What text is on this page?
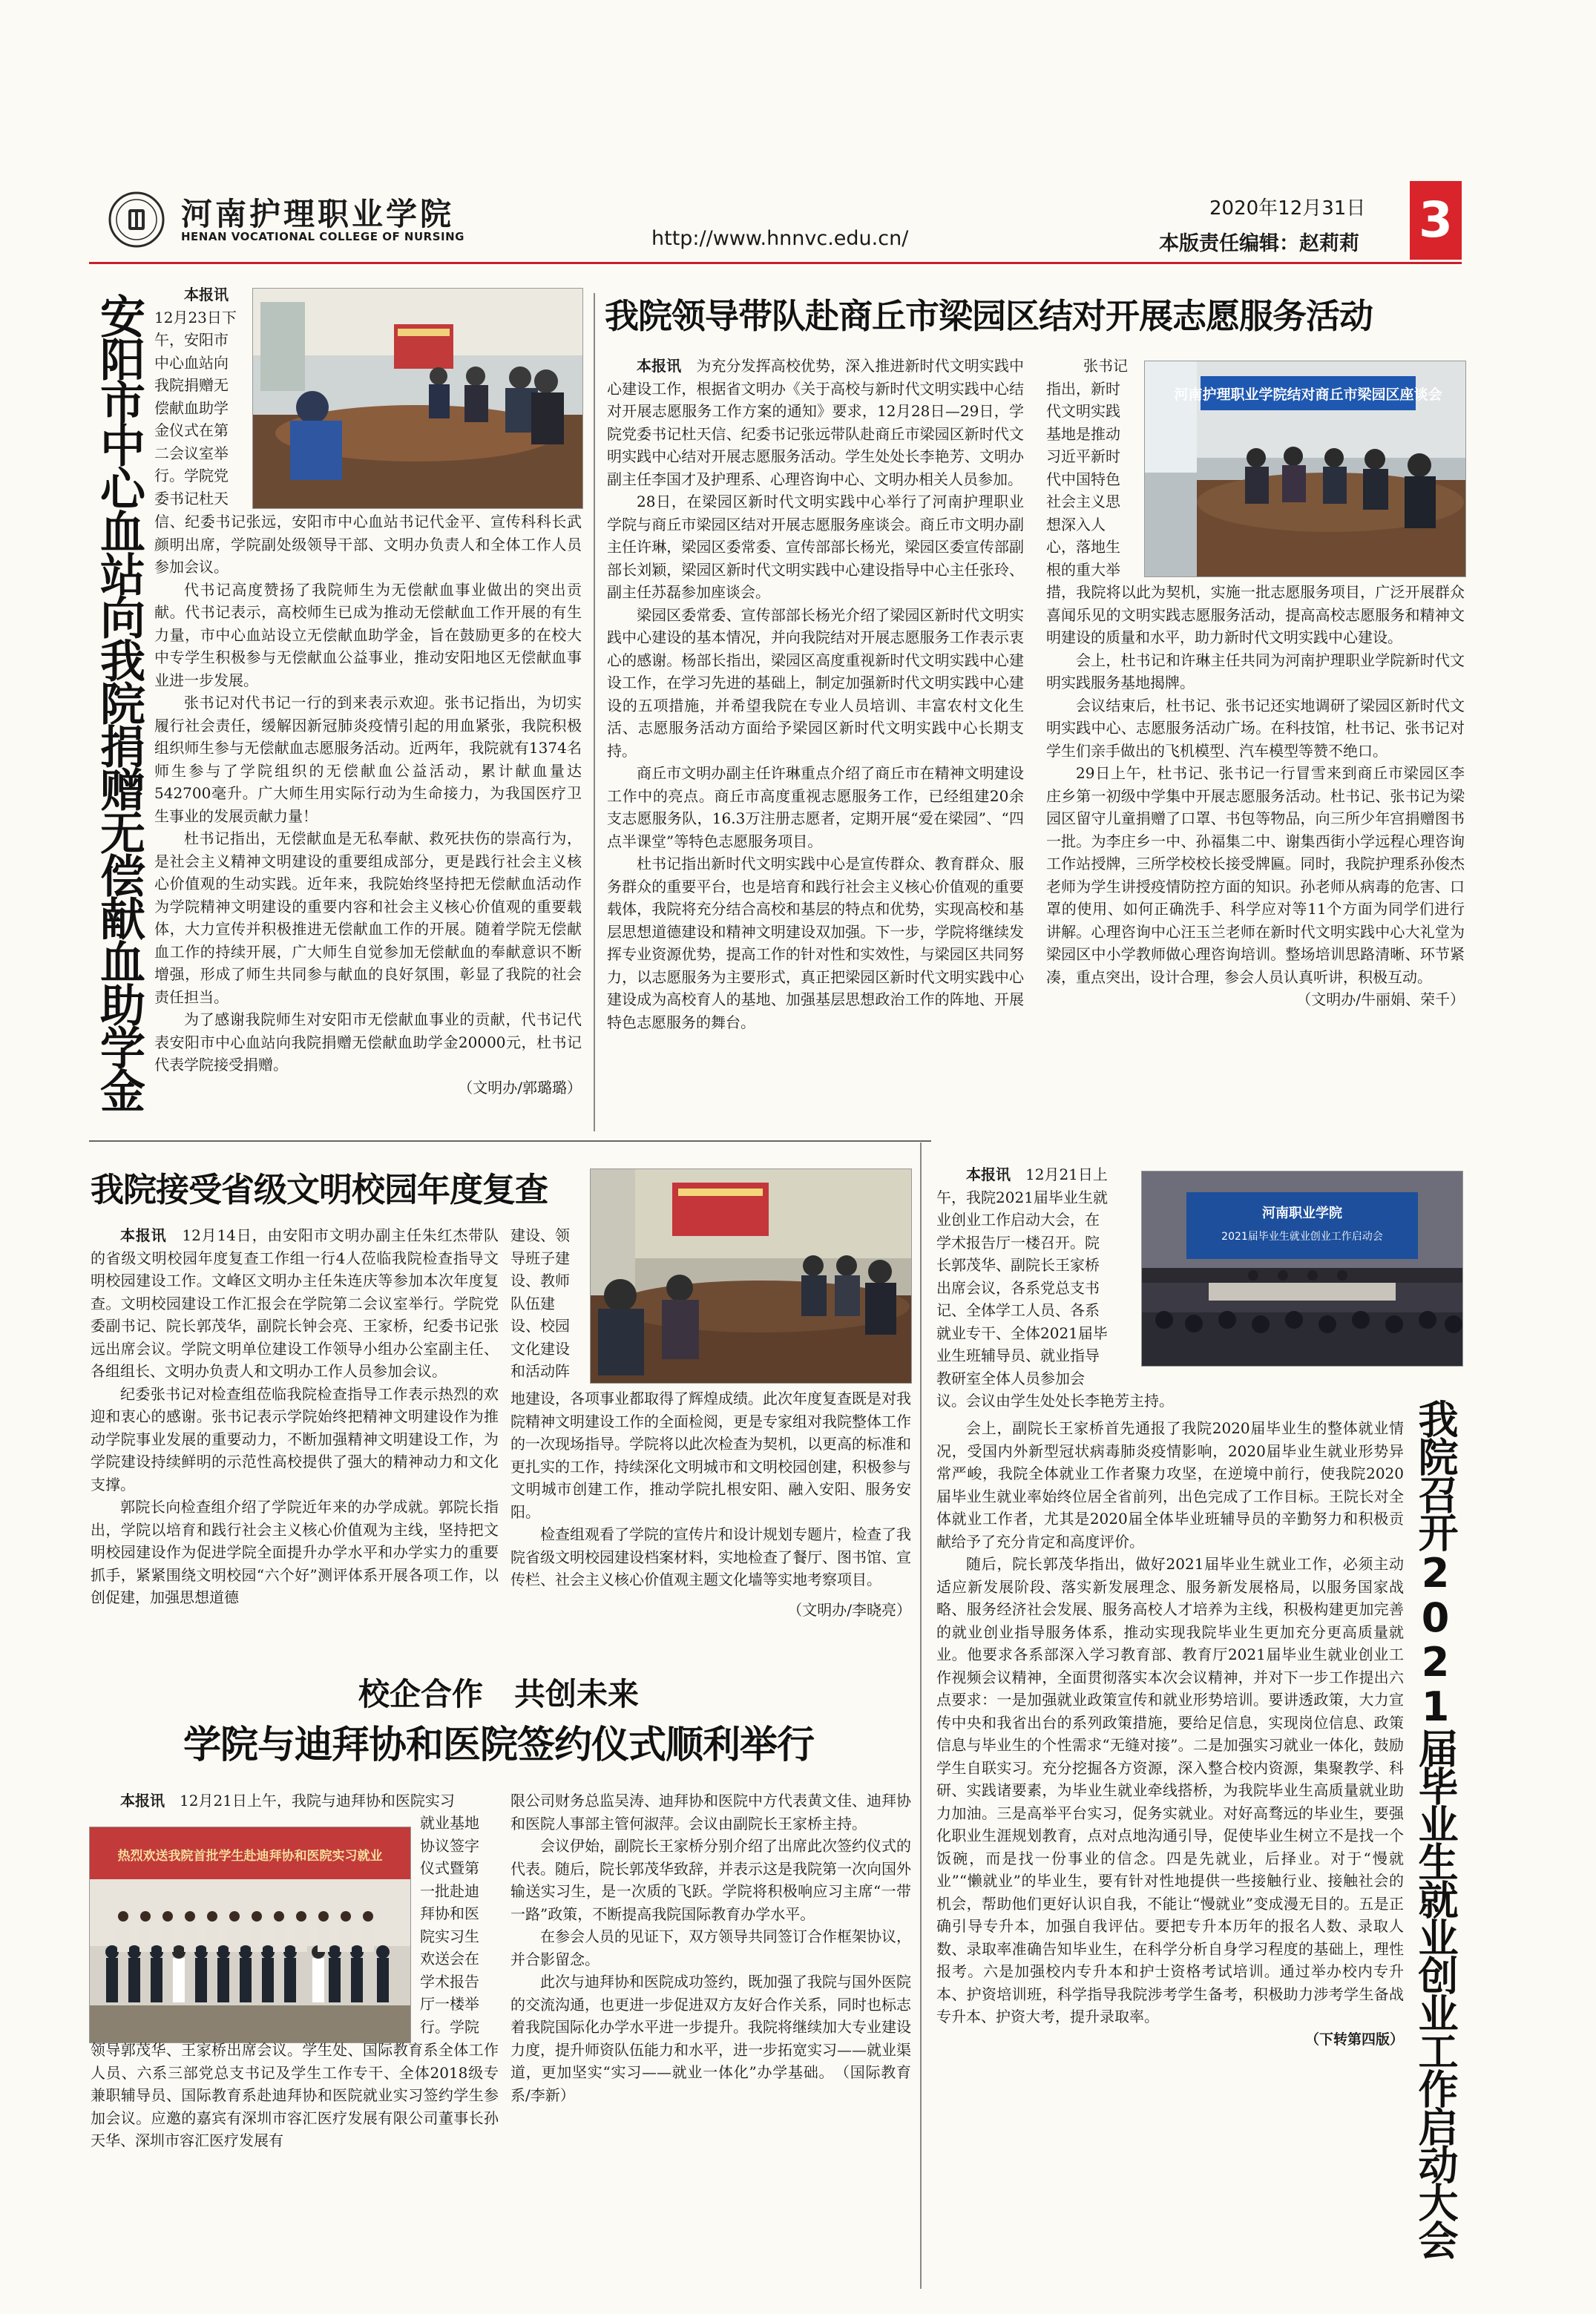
河南护理职业学院
HENAN VOCATIONAL COLLEGE OF NURSING	http://www.hnnvc.edu.cn/
2020年12月31日
本版责任编辑：赵莉莉 3
安阳市中心血站向我院捐赠无偿献血助学金	本报讯
12月23日下
午，安阳市
中心血站向
我院捐赠无
偿献血助学
金仪式在第
二会议室举
行。学院党
委书记杜天

信、纪委书记张远，安阳市中心血站书记代金平、宣传科科长武颜明出席，学院副处级领导干部、文明办负责人和全体工作人员参加会议。

代书记高度赞扬了我院师生为无偿献血事业做出的突出贡献。代书记表示，高校师生已成为推动无偿献血工作开展的有生力量，市中心血站设立无偿献血助学金，旨在鼓励更多的在校大中专学生积极参与无偿献血公益事业，推动安阳地区无偿献血事业进一步发展。

张书记对代书记一行的到来表示欢迎。张书记指出，为切实履行社会责任，缓解因新冠肺炎疫情引起的用血紧张，我院积极组织师生参与无偿献血志愿服务活动。近两年，我院就有1374名师生参与了学院组织的无偿献血公益活动，累计献血量达542700毫升。广大师生用实际行动为生命接力，为我国医疗卫生事业的发展贡献力量！

杜书记指出，无偿献血是无私奉献、救死扶伤的崇高行为，是社会主义精神文明建设的重要组成部分，更是践行社会主义核心价值观的生动实践。近年来，我院始终坚持把无偿献血活动作为学院精神文明建设的重要内容和社会主义核心价值观的重要载体，大力宣传并积极推进无偿献血工作的开展。随着学院无偿献血工作的持续开展，广大师生自觉参加无偿献血的奉献意识不断增强，形成了师生共同参与献血的良好氛围，彰显了我院的社会责任担当。

为了感谢我院师生对安阳市无偿献血事业的贡献，代书记代表安阳市中心血站向我院捐赠无偿献血助学金20000元，杜书记代表学院接受捐赠。

（文明办/郭璐璐）

我院领导带队赴商丘市梁园区结对开展志愿服务活动

本报讯　 为充分发挥高校优势，深入推进新时代文明实践中心建设工作，根据省文明办《关于高校与新时代文明实践中心结对开展志愿服务工作方案的通知》要求，12月28日—29日，学院党委书记杜天信、纪委书记张远带队赴商丘市梁园区新时代文明实践中心结对开展志愿服务活动。学生处处长李艳芳、文明办副主任李国才及护理系、心理咨询中心、文明办相关人员参加。

28日，在梁园区新时代文明实践中心举行了河南护理职业学院与商丘市梁园区结对开展志愿服务座谈会。商丘市文明办副主任许琳，梁园区委常委、宣传部部长杨光，梁园区委宣传部副部长刘颖，梁园区新时代文明实践中心建设指导中心主任张玲、副主任苏磊参加座谈会。

梁园区委常委、宣传部部长杨光介绍了梁园区新时代文明实践中心建设的基本情况，并向我院结对开展志愿服务工作表示衷心的感谢。杨部长指出，梁园区高度重视新时代文明实践中心建设工作，在学习先进的基础上，制定加强新时代文明实践中心建设的五项措施，并希望我院在专业人员培训、丰富农村文化生活、志愿服务活动方面给予梁园区新时代文明实践中心长期支持。

商丘市文明办副主任许琳重点介绍了商丘市在精神文明建设工作中的亮点。商丘市高度重视志愿服务工作，已经组建20余支志愿服务队，16.3万注册志愿者，定期开展“爱在梁园”、“四点半课堂”等特色志愿服务项目。

杜书记指出新时代文明实践中心是宣传群众、教育群众、服务群众的重要平台，也是培育和践行社会主义核心价值观的重要载体，我院将充分结合高校和基层的特点和优势，实现高校和基层思想道德建设和精神文明建设双加强。下一步，学院将继续发挥专业资源优势，提高工作的针对性和实效性，与梁园区共同努力，以志愿服务为主要形式，真正把梁园区新时代文明实践中心建设成为高校育人的基地、加强基层思想政治工作的阵地、开展特色志愿服务的舞台。

张书记
指出，新时
代文明实践
基地是推动
习近平新时
代中国特色
社会主义思
想深入人
心，落地生
根的重大举
河南护理职业学院结对商丘市梁园区座谈会

措，我院将以此为契机，实施一批志愿服务项目，广泛开展群众喜闻乐见的文明实践志愿服务活动，提高高校志愿服务和精神文明建设的质量和水平，助力新时代文明实践中心建设。

会上，杜书记和许琳主任共同为河南护理职业学院新时代文明实践服务基地揭牌。

会议结束后，杜书记、张书记还实地调研了梁园区新时代文明实践中心、志愿服务活动广场。在科技馆，杜书记、张书记对学生们亲手做出的飞机模型、汽车模型等赞不绝口。

29日上午，杜书记、张书记一行冒雪来到商丘市梁园区李庄乡第一初级中学集中开展志愿服务活动。杜书记、张书记为梁园区留守儿童捐赠了口罩、书包等物品，向三所少年宫捐赠图书一批。为李庄乡一中、孙福集二中、谢集西街小学远程心理咨询工作站授牌，三所学校校长接受牌匾。同时，我院护理系孙俊杰老师为学生讲授疫情防控方面的知识。孙老师从病毒的危害、口罩的使用、如何正确洗手、科学应对等11个方面为同学们进行讲解。心理咨询中心汪玉兰老师在新时代文明实践中心大礼堂为梁园区中小学教师做心理咨询培训。整场培训思路清晰、环节紧凑，重点突出，设计合理，参会人员认真听讲，积极互动。

（文明办/牛丽娟、荣千）

我院接受省级文明校园年度复查

本报讯　 12月14日，由安阳市文明办副主任朱红杰带队的省级文明校园年度复查工作组一行4人莅临我院检查指导文明校园建设工作。文峰区文明办主任朱连庆等参加本次年度复查。文明校园建设工作汇报会在学院第二会议室举行。学院党委副书记、院长郭茂华，副院长钟会亮、王家桥，纪委书记张远出席会议。学院文明单位建设工作领导小组办公室副主任、各组组长、文明办负责人和文明办工作人员参加会议。

纪委张书记对检查组莅临我院检查指导工作表示热烈的欢迎和衷心的感谢。张书记表示学院始终把精神文明建设作为推动学院事业发展的重要动力，不断加强精神文明建设工作，为学院建设持续鲜明的示范性高校提供了强大的精神动力和文化支撑。

郭院长向检查组介绍了学院近年来的办学成就。郭院长指出，学院以培育和践行社会主义核心价值观为主线，坚持把文明校园建设作为促进学院全面提升办学水平和办学实力的重要抓手，紧紧围绕文明校园“六个好”测评体系开展各项工作，以创促建，加强思想道德

建设、领
导班子建
设、教师
队伍建
设、校园
文化建设
和活动阵

地建设，各项事业都取得了辉煌成绩。此次年度复查既是对我院精神文明建设工作的全面检阅，更是专家组对我院整体工作的一次现场指导。学院将以此次检查为契机，以更高的标准和更扎实的工作，持续深化文明城市和文明校园创建，积极参与文明城市创建工作，推动学院扎根安阳、融入安阳、服务安阳。

检查组观看了学院的宣传片和设计规划专题片，检查了我院省级文明校园建设档案材料，实地检查了餐厅、图书馆、宣传栏、社会主义核心价值观主题文化墙等实地考察项目。

（文明办/李晓亮）

校企合作　共创未来
学院与迪拜协和医院签约仪式顺利举行

本报讯　 12月21日上午，我院与迪拜协和医院实习

热烈欢送我院首批学生赴迪拜协和医院实习就业
就业基地
协议签字
仪式暨第
一批赴迪
拜协和医
院实习生
欢送会在
学术报告
厅一楼举
行。学院

领导郭茂华、王家桥出席会议。学生处、国际教育系全体工作人员、六系三部党总支书记及学生工作专干、全体2018级专兼职辅导员、国际教育系赴迪拜协和医院就业实习签约学生参加会议。应邀的嘉宾有深圳市容汇医疗发展有限公司董事长孙天华、深圳市容汇医疗发展有

限公司财务总监吴涛、迪拜协和医院中方代表黄文佳、迪拜协和医院人事部主管何淑萍。会议由副院长王家桥主持。

会议伊始，副院长王家桥分别介绍了出席此次签约仪式的代表。随后，院长郭茂华致辞，并表示这是我院第一次向国外输送实习生，是一次质的飞跃。学院将积极响应习主席“一带一路”政策，不断提高我院国际教育办学水平。

在参会人员的见证下，双方领导共同签订合作框架协议，并合影留念。

此次与迪拜协和医院成功签约，既加强了我院与国外医院的交流沟通，也更进一步促进双方友好合作关系，同时也标志着我院国际化办学水平进一步提升。我院将继续加大专业建设力度，提升师资队伍能力和水平，进一步拓宽实习——就业渠道，更加坚实“实习——就业一体化”办学基础。　 （国际教育系/李新）

本报讯　 12月21日上
午，我院2021届毕业生就
业创业工作启动大会，在
学术报告厅一楼召开。院
长郭茂华、副院长王家桥
出席会议，各系党总支书
记、全体学工人员、各系
就业专干、全体2021届毕
业生班辅导员、就业指导
教研室全体人员参加会
议。会议由学生处处长李艳芳主持。
河南职业学院
2021届毕业生就业创业工作启动会

会上，副院长王家桥首先通报了我院2020届毕业生的整体就业情况，受国内外新型冠状病毒肺炎疫情影响，2020届毕业生就业形势异常严峻，我院全体就业工作者聚力攻坚，在逆境中前行，使我院2020届毕业生就业率始终位居全省前列，出色完成了工作目标。王院长对全体就业工作者，尤其是2020届全体毕业班辅导员的辛勤努力和积极贡献给予了充分肯定和高度评价。

随后，院长郭茂华指出，做好2021届毕业生就业工作，必须主动适应新发展阶段、落实新发展理念、服务新发展格局，以服务国家战略、服务经济社会发展、服务高校人才培养为主线，积极构建更加完善的就业创业指导服务体系，推动实现我院毕业生更加充分更高质量就业。他要求各系部深入学习教育部、教育厅2021届毕业生就业创业工作视频会议精神，全面贯彻落实本次会议精神，并对下一步工作提出六点要求：一是加强就业政策宣传和就业形势培训。要讲透政策，大力宣传中央和我省出台的系列政策措施，要给足信息，实现岗位信息、政策信息与毕业生的个性需求“无缝对接”。二是加强实习就业一体化，鼓励学生自联实习。充分挖掘各方资源，深入整合校内资源，集聚教学、科研、实践诸要素，为毕业生就业牵线搭桥，为我院毕业生高质量就业助力加油。三是高举平台实习，促务实就业。对好高骛远的毕业生，要强化职业生涯规划教育，点对点地沟通引导，促使毕业生树立不是找一个饭碗，而是找一份事业的信念。四是先就业，后择业。对于“慢就业”“懒就业”的毕业生，要有针对性地提供一些接触行业、接触社会的机会，帮助他们更好认识自我，不能让“慢就业”变成漫无目的。五是正确引导专升本，加强自我评估。要把专升本历年的报名人数、录取人数、录取率准确告知毕业生，在科学分析自身学习程度的基础上，理性报考。六是加强校内专升本和护士资格考试培训。通过举办校内专升本、护资培训班，科学指导我院涉考学生备考，积极助力涉考学生备战专升本、护资大考，提升录取率。

（下转第四版） 我院召开2021届毕业生就业创业工作启动大会
